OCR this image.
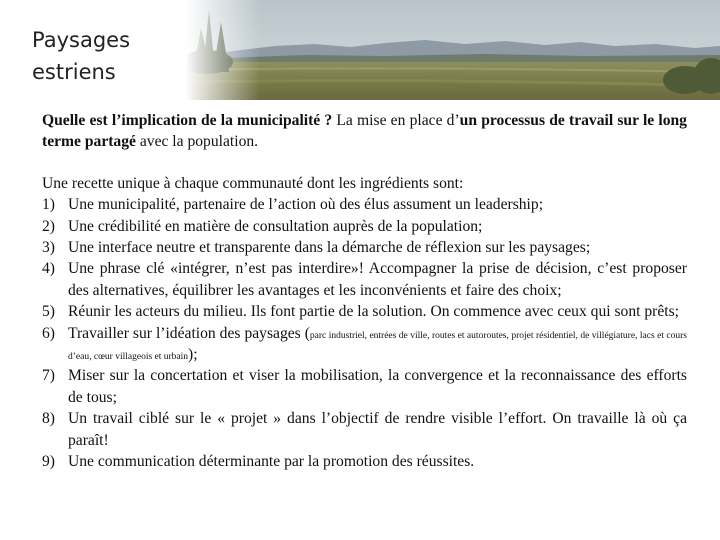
Paysages
estriens

Quelle est l’implication de la municipalité ? La mise en place d’un processus de travail sur le long terme partagé avec la population.

Une recette unique à chaque communauté dont les ingrédients sont:

1) Une municipalité, partenaire de l’action où des élus assument un leadership;
2) Une crédibilité en matière de consultation auprès de la population;
3) Une interface neutre et transparente dans la démarche de réflexion sur les paysages;
4) Une phrase clé «intégrer, n’est pas interdire»! Accompagner la prise de décision, c’est proposer des alternatives, équilibrer les avantages et les inconvénients et faire des choix;
5) Réunir les acteurs du milieu. Ils font partie de la solution. On commence avec ceux qui sont prêts;
6) Travailler sur l’idéation des paysages (parc industriel, entrées de ville, routes et autoroutes, projet résidentiel, de villégiature, lacs et cours d’eau, cœur villageois et urbain);
7) Miser sur la concertation et viser la mobilisation, la convergence et la reconnaissance des efforts de tous;
8) Un travail ciblé sur le « projet » dans l’objectif de rendre visible l’effort. On travaille là où ça paraît!
9) Une communication déterminante par la promotion des réussites.
